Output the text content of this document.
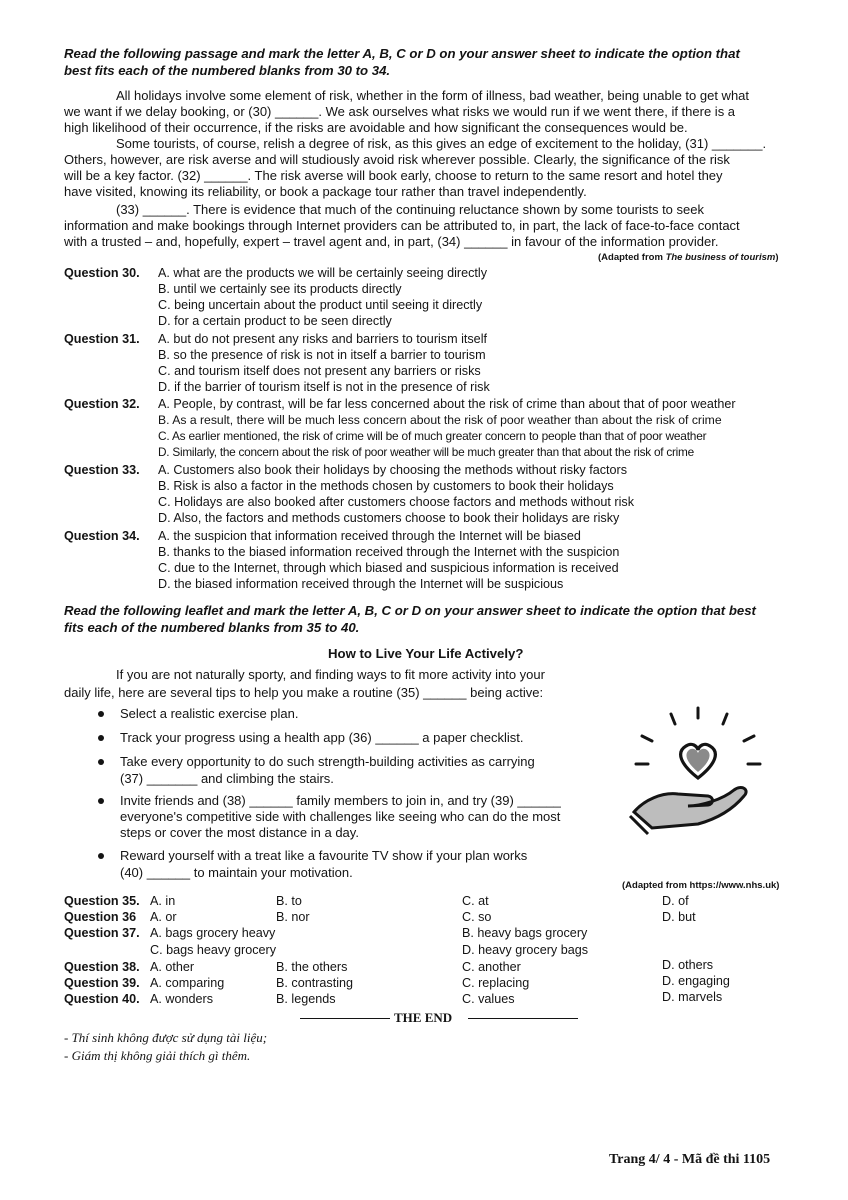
Read the following passage and mark the letter A, B, C or D on your answer sheet to indicate the option that
best fits each of the numbered blanks from 30 to 34.
All holidays involve some element of risk, whether in the form of illness, bad weather, being unable to get what
we want if we delay booking, or (30) ______. We ask ourselves what risks we would run if we went there, if there is a
high likelihood of their occurrence, if the risks are avoidable and how significant the consequences would be.
Some tourists, of course, relish a degree of risk, as this gives an edge of excitement to the holiday, (31) _______.
Others, however, are risk averse and will studiously avoid risk wherever possible. Clearly, the significance of the risk
will be a key factor. (32) ______. The risk averse will book early, choose to return to the same resort and hotel they
have visited, knowing its reliability, or book a package tour rather than travel independently.
(33) ______. There is evidence that much of the continuing reluctance shown by some tourists to seek
information and make bookings through Internet providers can be attributed to, in part, the lack of face-to-face contact
with a trusted – and, hopefully, expert – travel agent and, in part, (34) ______ in favour of the information provider.
(Adapted from The business of tourism)
Question 30. A. what are the products we will be certainly seeing directly
B. until we certainly see its products directly
C. being uncertain about the product until seeing it directly
D. for a certain product to be seen directly
Question 31. A. but do not present any risks and barriers to tourism itself
B. so the presence of risk is not in itself a barrier to tourism
C. and tourism itself does not present any barriers or risks
D. if the barrier of tourism itself is not in the presence of risk
Question 32. A. People, by contrast, will be far less concerned about the risk of crime than about that of poor weather
B. As a result, there will be much less concern about the risk of poor weather than about the risk of crime
C. As earlier mentioned, the risk of crime will be of much greater concern to people than that of poor weather
D. Similarly, the concern about the risk of poor weather will be much greater than that about the risk of crime
Question 33. A. Customers also book their holidays by choosing the methods without risky factors
B. Risk is also a factor in the methods chosen by customers to book their holidays
C. Holidays are also booked after customers choose factors and methods without risk
D. Also, the factors and methods customers choose to book their holidays are risky
Question 34. A. the suspicion that information received through the Internet will be biased
B. thanks to the biased information received through the Internet with the suspicion
C. due to the Internet, through which biased and suspicious information is received
D. the biased information received through the Internet will be suspicious
Read the following leaflet and mark the letter A, B, C or D on your answer sheet to indicate the option that best
fits each of the numbered blanks from 35 to 40.
How to Live Your Life Actively?
If you are not naturally sporty, and finding ways to fit more activity into your
daily life, here are several tips to help you make a routine (35) ______ being active:
Select a realistic exercise plan.
Track your progress using a health app (36) ______ a paper checklist.
Take every opportunity to do such strength-building activities as carrying
(37) _______ and climbing the stairs.
Invite friends and (38) ______ family members to join in, and try (39) ______
everyone's competitive side with challenges like seeing who can do the most
steps or cover the most distance in a day.
Reward yourself with a treat like a favourite TV show if your plan works
(40) ______ to maintain your motivation.
(Adapted from https://www.nhs.uk)
Question 35. A. in	B. to	C. at	D. of
Question 36 A. or	B. nor	C. so	D. but
Question 37. A. bags grocery heavy
C. bags heavy grocery
B. heavy bags grocery
D. heavy grocery bags
Question 38. A. other	B. the others	C. another	D. others
Question 39. A. comparing	B. contrasting	C. replacing	D. engaging
Question 40. A. wonders	B. legends	C. values	D. marvels
THE END
- Thí sinh không được sử dụng tài liệu;
- Giám thị không giải thích gì thêm.
Trang 4/ 4 - Mã đề thi 1105
